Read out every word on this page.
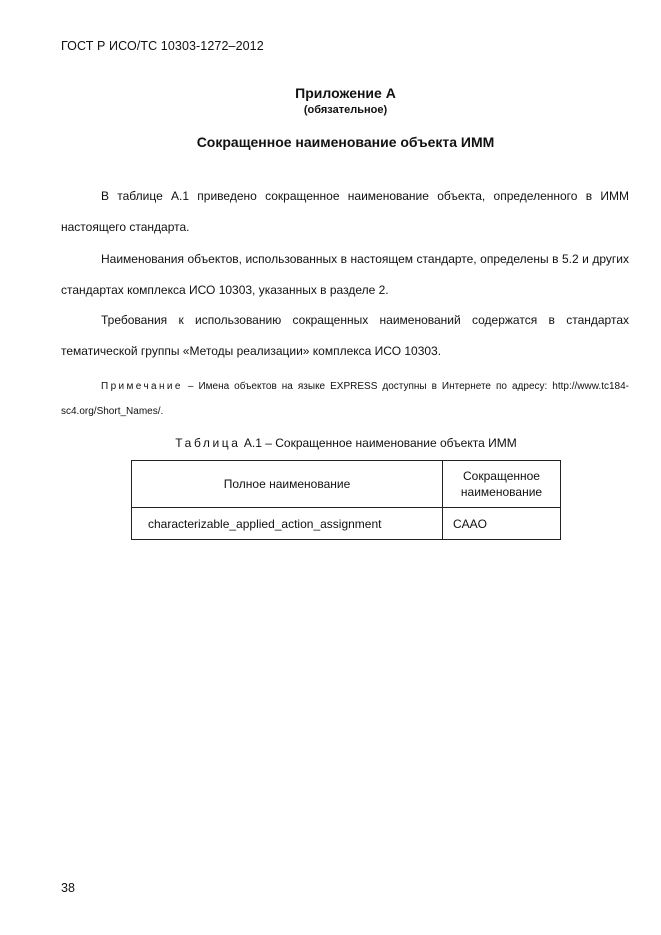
ГОСТ Р ИСО/ТС 10303-1272–2012
Приложение А
(обязательное)
Сокращенное наименование объекта ИММ

В таблице А.1 приведено сокращенное наименование объекта, определенного в ИММ настоящего стандарта.

Наименования объектов, использованных в настоящем стандарте, определены в 5.2 и других стандартах комплекса ИСО 10303, указанных в разделе 2.

Требования к использованию сокращенных наименований содержатся в стандартах тематической группы «Методы реализации» комплекса ИСО 10303.

Примечание – Имена объектов на языке EXPRESS доступны в Интернете по адресу: http://www.tc184-sc4.org/Short_Names/.

Таблица А.1 – Сокращенное наименование объекта ИММ
Полное наименование	Сокращенное наименование
characterizable_applied_action_assignment	CAAO
38
